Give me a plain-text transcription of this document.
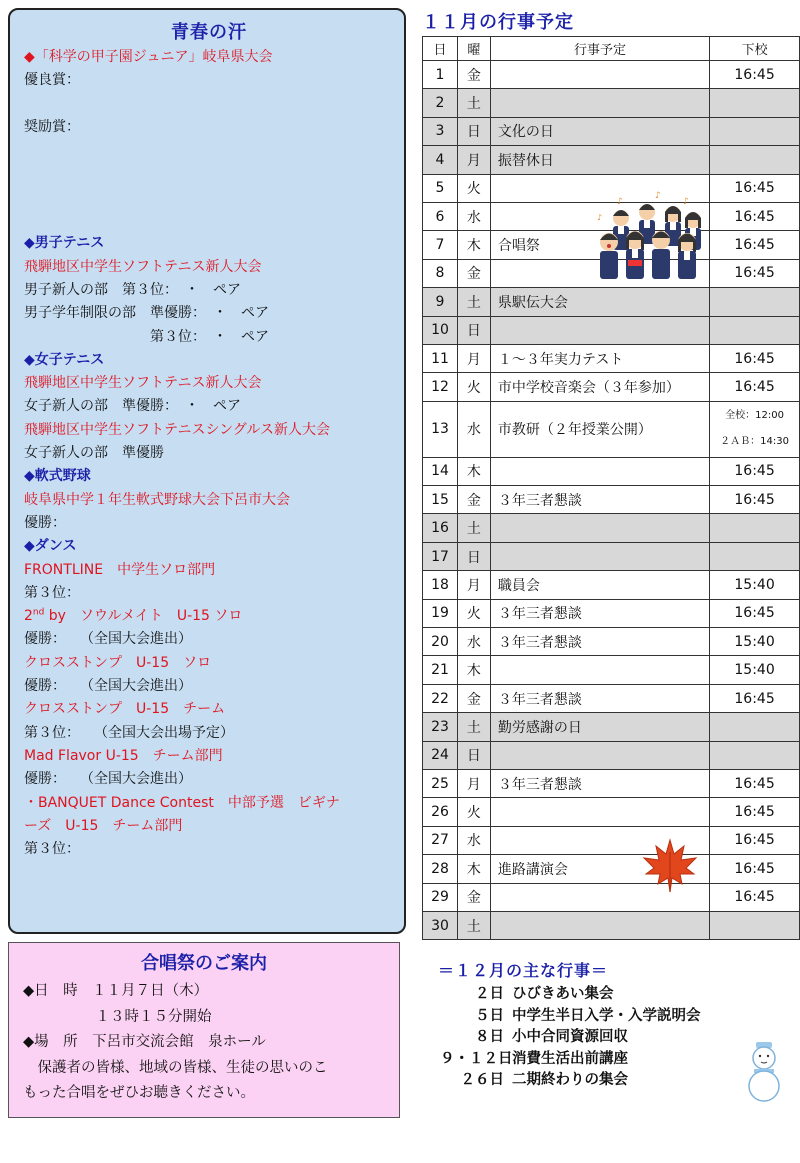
青春の汗
◆「科学の甲子園ジュニア」岐阜県大会
優良賞：
奨励賞：
◆男子テニス
飛騨地区中学生ソフトテニス新人大会
男子新人の部　第３位：　・　ペア
男子学年制限の部　準優勝：　・　ペア
　　　　　　　　　第３位：　・　ペア
◆女子テニス
飛騨地区中学生ソフトテニス新人大会
女子新人の部　準優勝：　・　ペア
飛騨地区中学生ソフトテニスシングルス新人大会
女子新人の部　準優勝
◆軟式野球
岐阜県中学１年生軟式野球大会下呂市大会
優勝：
◆ダンス
FRONTLINE　中学生ソロ部門
第３位：
2nd by　ソウルメイト　U-15 ソロ
優勝：　　（全国大会進出）
クロスストンプ　U-15　ソロ
優勝：　　（全国大会進出）
クロスストンプ　U-15　チーム
第３位：　　（全国大会出場予定）
Mad Flavor U-15　チーム部門
優勝：　　（全国大会進出）
・BANQUET Dance Contest　中部予選　ビギナ
ーズ　U-15　チーム部門
第３位：
１１月の行事予定
日	曜	行事予定	下校
1	金		16:45
2	土		
3	日	文化の日	
4	月	振替休日	
5	火		16:45
6	水		16:45
7	木	合唱祭	16:45
8	金		16:45
9	土	県駅伝大会	
10	日		
11	月	１～３年実力テスト	16:45
12	火	市中学校音楽会（３年参加）	16:45
13	水	市教研（２年授業公開）	全校：12:00
２ＡＢ：14:30

14	木		16:45
15	金	３年三者懇談	16:45
16	土		
17	日		
18	月	職員会	15:40
19	火	３年三者懇談	16:45
20	水	３年三者懇談	15:40
21	木		15:40
22	金	３年三者懇談	16:45
23	土	勤労感謝の日	
24	日		
25	月	３年三者懇談	16:45
26	火		16:45
27	水		16:45
28	木	進路講演会	16:45
29	金		16:45
30	土		
♪
♪
♪
♪
合唱祭のご案内
◆日　時　１１月７日（木）
　　　　　１３時１５分開始
◆場　所　下呂市交流会館　泉ホール
　保護者の皆様、地域の皆様、生徒の思いのこ
もった合唱をぜひお聴きください。
＝１２月の主な行事＝
２日 ひびきあい集会
５日 中学生半日入学・入学説明会
８日 小中合同資源回収
９・１２日消費生活出前講座
２６日 二期終わりの集会
